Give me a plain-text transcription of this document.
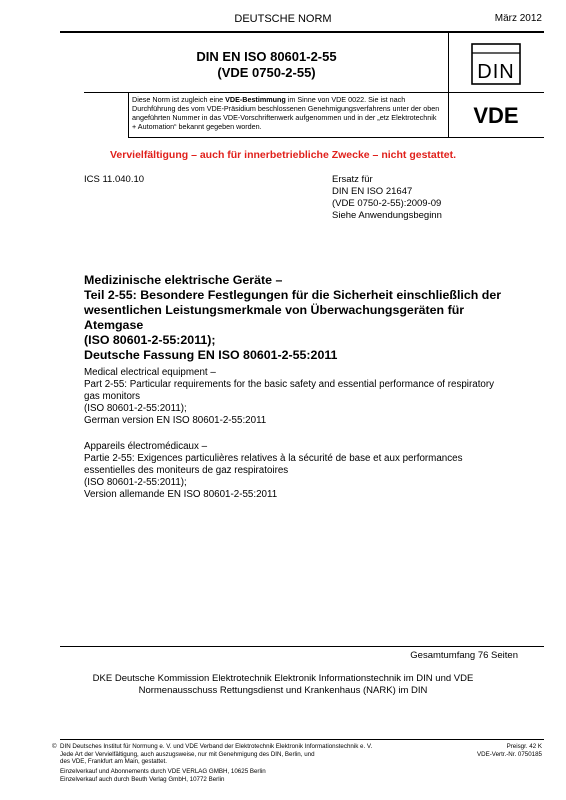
DEUTSCHE NORM	März 2012
DIN EN ISO 80601-2-55
(VDE 0750-2-55)	DIN
VDE
Diese Norm ist zugleich eine VDE-Bestimmung im Sinne von VDE 0022. Sie ist nach Durchführung des vom VDE-Präsidium beschlossenen Genehmigungsverfahrens unter der oben angeführten Nummer in das VDE-Vorschriftenwerk aufgenommen und in der „etz Elektrotechnik + Automation“ bekannt gegeben worden.
Vervielfältigung – auch für innerbetriebliche Zwecke – nicht gestattet.
ICS 11.040.10	Ersatz für
DIN EN ISO 21647
(VDE 0750-2-55):2009-09
Siehe Anwendungsbeginn
Medizinische elektrische Geräte –
Teil 2-55: Besondere Festlegungen für die Sicherheit einschließlich der
wesentlichen Leistungsmerkmale von Überwachungsgeräten für
Atemgase
(ISO 80601-2-55:2011);
Deutsche Fassung EN ISO 80601-2-55:2011
Medical electrical equipment –
Part 2-55: Particular requirements for the basic safety and essential performance of respiratory
gas monitors
(ISO 80601-2-55:2011);
German version EN ISO 80601-2-55:2011
Appareils électromédicaux –
Partie 2-55: Exigences particulières relatives à la sécurité de base et aux performances
essentielles des moniteurs de gaz respiratoires
(ISO 80601-2-55:2011);
Version allemande EN ISO 80601-2-55:2011
Gesamtumfang 76 Seiten
DKE Deutsche Kommission Elektrotechnik Elektronik Informationstechnik im DIN und VDE
Normenausschuss Rettungsdienst und Krankenhaus (NARK) im DIN
© DIN Deutsches Institut für Normung e. V. und VDE Verband der Elektrotechnik Elektronik Informationstechnik e. V.
Jede Art der Vervielfältigung, auch auszugsweise, nur mit Genehmigung des DIN, Berlin, und
des VDE, Frankfurt am Main, gestattet.
Einzelverkauf und Abonnements durch VDE VERLAG GMBH, 10625 Berlin
Einzelverkauf auch durch Beuth Verlag GmbH, 10772 Berlin
Preisgr. 42 K
VDE-Vertr.-Nr. 0750185
